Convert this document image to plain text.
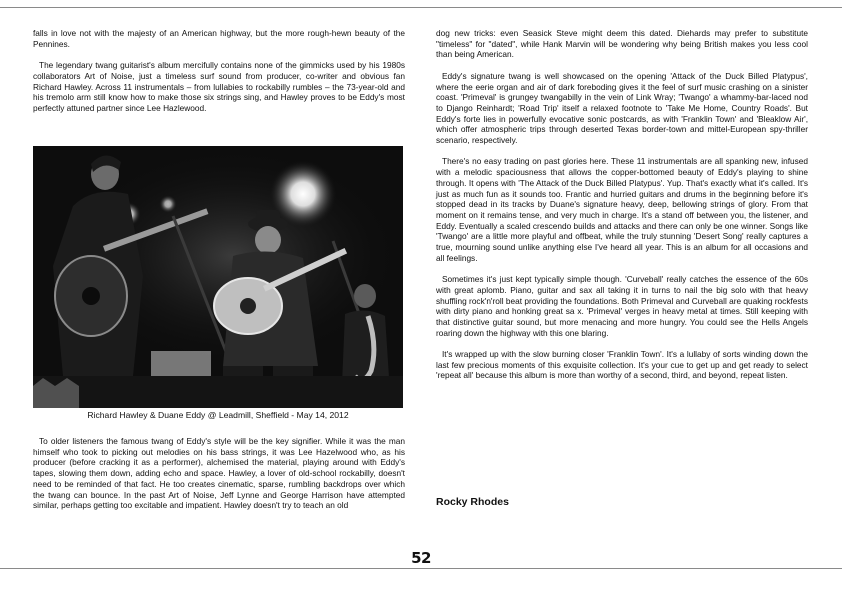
falls in love not with the majesty of an American highway, but the more rough-hewn beauty of the Pennines.

The legendary twang guitarist's album mercifully contains none of the gimmicks used by his 1980s collaborators Art of Noise, just a timeless surf sound from producer, co-writer and obvious fan Richard Hawley. Across 11 instrumentals – from lullabies to rockabilly rumbles – the 73-year-old and his tremolo arm still know how to make those six strings sing, and Hawley proves to be Eddy's most perfectly attuned partner since Lee Hazlewood.

Richard Hawley & Duane Eddy @ Leadmill, Sheffield - May 14, 2012

To older listeners the famous twang of Eddy's style will be the key signifier. While it was the man himself who took to picking out melodies on his bass strings, it was Lee Hazelwood who, as his producer (before cracking it as a performer), alchemised the material, playing around with Eddy's tapes, slowing them down, adding echo and space. Hawley, a lover of old-school rockabilly, doesn't need to be reminded of that fact. He too creates cinematic, sparse, rumbling backdrops over which the twang can bounce. In the past Art of Noise, Jeff Lynne and George Harrison have attempted similar, perhaps getting too excitable and impatient. Hawley doesn't try to teach an old

dog new tricks: even Seasick Steve might deem this dated. Diehards may prefer to substitute "timeless" for "dated", while Hank Marvin will be wondering why being British makes you less cool than being American.

Eddy's signature twang is well showcased on the opening 'Attack of the Duck Billed Platypus', where the eerie organ and air of dark foreboding gives it the feel of surf music crashing on a sinister coast. 'Primeval' is grungey twangabilly in the vein of Link Wray; 'Twango' a whammy-bar-laced nod to Django Reinhardt; 'Road Trip' itself a relaxed footnote to 'Take Me Home, Country Roads'. But Eddy's forte lies in powerfully evocative sonic postcards, as with 'Franklin Town' and 'Bleaklow Air', which offer atmospheric trips through deserted Texas border-town and mittel-European spy-thriller scenario, respectively.

There's no easy trading on past glories here. These 11 instrumentals are all spanking new, infused with a melodic spaciousness that allows the copper-bottomed beauty of Eddy's playing to shine through. It opens with 'The Attack of the Duck Billed Platypus'. Yup. That's exactly what it's called. It's just as much fun as it sounds too. Frantic and hurried guitars and drums in the beginning before it's stopped dead in its tracks by Duane's signature heavy, deep, bellowing strings of glory. From that moment on it remains tense, and very much in charge. It's a stand off between you, the listener, and Eddy. Eventually a scaled crescendo builds and attacks and there can only be one winner. Songs like 'Twango' are a little more playful and offbeat, while the truly stunning 'Desert Song' really captures a true, mourning sound unlike anything else I've heard all year. This is an album for all occasions and all feelings.

Sometimes it's just kept typically simple though. 'Curveball' really catches the essence of the 60s with great aplomb. Piano, guitar and sax all taking it in turns to nail the big solo with that heavy shuffling rock'n'roll beat providing the foundations. Both Primeval and Curveball are quaking rockfests with dirty piano and honking great sa x. 'Primeval' verges in heavy metal at times. Still keeping with that distinctive guitar sound, but more menacing and more hungry. You could see the Hells Angels roaring down the highway with this one blaring.

It's wrapped up with the slow burning closer 'Franklin Town'. It's a lullaby of sorts winding down the last few precious moments of this exquisite collection. It's your cue to get up and get ready to select 'repeat all' because this album is more than worthy of a second, third, and beyond, repeat listen.

Rocky Rhodes
52
